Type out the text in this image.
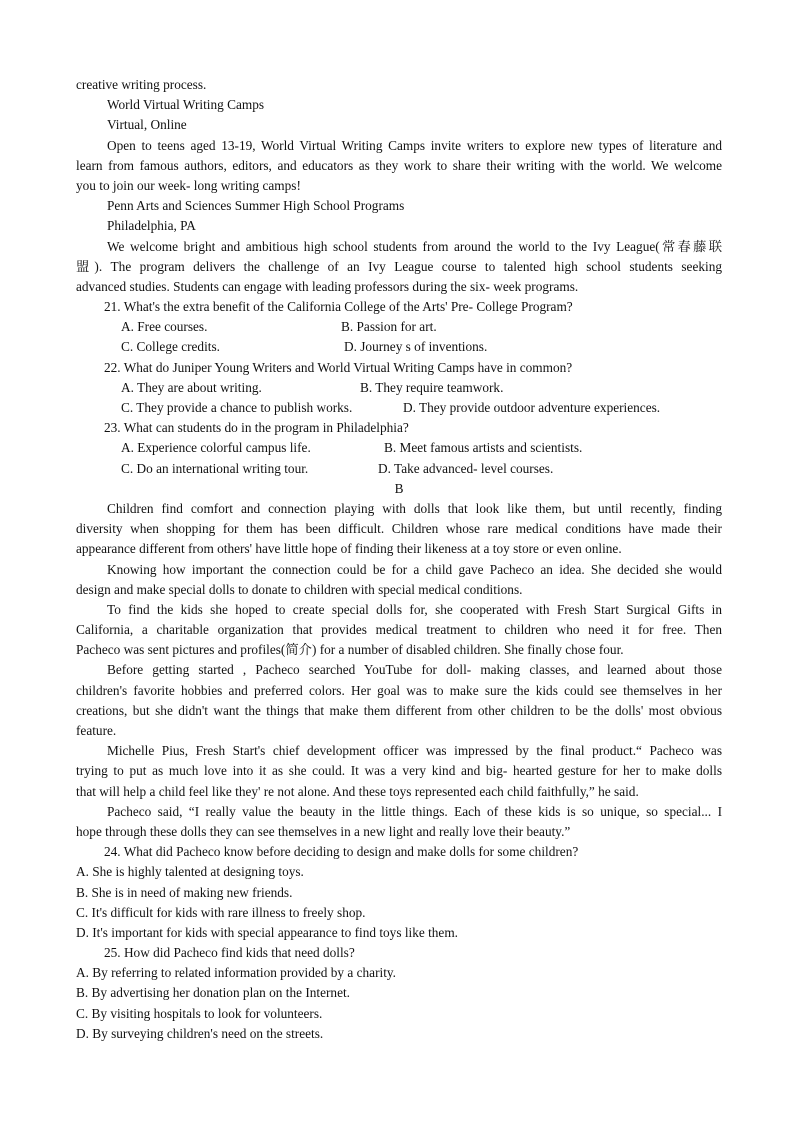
creative writing process.
World Virtual Writing Camps
Virtual, Online
Open to teens aged 13-19, World Virtual Writing Camps invite writers to explore new types of literature and
learn from famous authors, editors, and educators as they work to share their writing with the world. We welcome
you to join our week- long writing camps!
Penn Arts and Sciences Summer High School Programs
Philadelphia, PA
We welcome bright and ambitious high school students from around the world to the Ivy League(常春藤联
盟). The program delivers the challenge of an Ivy League course to talented high school students seeking
advanced studies. Students can engage with leading professors during the six- week programs.
21. What's the extra benefit of the California College of the Arts' Pre- College Program?
A. Free courses.	B. Passion for art.
C. College credits.	D. Journey s of inventions.
22. What do Juniper Young Writers and World Virtual Writing Camps have in common?
A. They are about writing.	B. They require teamwork.
C. They provide a chance to publish works.	D. They provide outdoor adventure experiences.
23. What can students do in the program in Philadelphia?
A. Experience colorful campus life.	B. Meet famous artists and scientists.
C. Do an international writing tour.	D. Take advanced- level courses.
B
Children find comfort and connection playing with dolls that look like them, but until recently, finding
diversity when shopping for them has been difficult. Children whose rare medical conditions have made their
appearance different from others' have little hope of finding their likeness at a toy store or even online.
Knowing how important the connection could be for a child gave Pacheco an idea. She decided she would
design and make special dolls to donate to children with special medical conditions.
To find the kids she hoped to create special dolls for, she cooperated with Fresh Start Surgical Gifts in
California, a charitable organization that provides medical treatment to children who need it for free. Then
Pacheco was sent pictures and profiles(简介) for a number of disabled children. She finally chose four.
Before getting started , Pacheco searched YouTube for doll- making classes, and learned about those
children's favorite hobbies and preferred colors. Her goal was to make sure the kids could see themselves in her
creations, but she didn't want the things that make them different from other children to be the dolls' most obvious
feature.
Michelle Pius, Fresh Start's chief development officer was impressed by the final product.“ Pacheco was
trying to put as much love into it as she could. It was a very kind and big- hearted gesture for her to make dolls
that will help a child feel like they' re not alone. And these toys represented each child faithfully,” he said.
Pacheco said, “I really value the beauty in the little things. Each of these kids is so unique, so special... I
hope through these dolls they can see themselves in a new light and really love their beauty.”
24. What did Pacheco know before deciding to design and make dolls for some children?
A. She is highly talented at designing toys.
B. She is in need of making new friends.
C. It's difficult for kids with rare illness to freely shop.
D. It's important for kids with special appearance to find toys like them.
25. How did Pacheco find kids that need dolls?
A. By referring to related information provided by a charity.
B. By advertising her donation plan on the Internet.
C. By visiting hospitals to look for volunteers.
D. By surveying children's need on the streets.
